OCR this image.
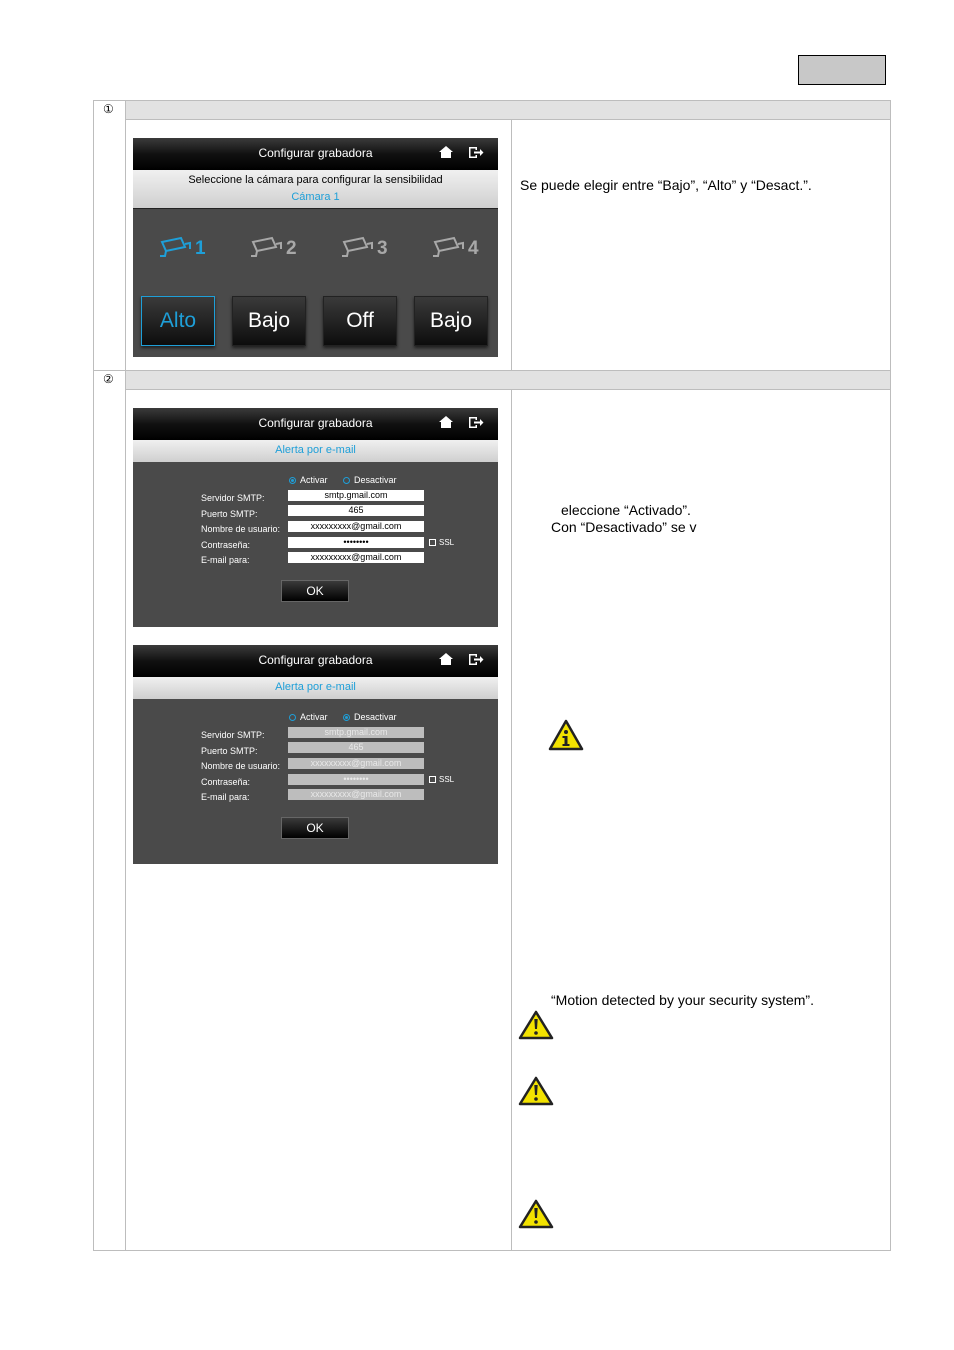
①
②
Configurar grabadora
Seleccione la cámara para configurar la sensibilidad
Cámara 1
1	2	3	4
Alto	Bajo	Off	Bajo
Se puede elegir entre “Bajo”, “Alto” y “Desact.”.
Configurar grabadora
Alerta por e-mail
Activar	Desactivar
Servidor SMTP:	smtp.gmail.com
Puerto SMTP:	465
Nombre de usuario:	xxxxxxxxx@gmail.com
Contraseña:	••••••••	SSL
E-mail para:	xxxxxxxxx@gmail.com
OK
eleccione “Activado”.
Con “Desactivado” se v
Configurar grabadora
Alerta por e-mail
Activar	Desactivar
Servidor SMTP:	smtp.gmail.com
Puerto SMTP:	465
Nombre de usuario:	xxxxxxxxx@gmail.com
Contraseña:	••••••••	SSL
E-mail para:	xxxxxxxxx@gmail.com
OK
“Motion detected by your security system”.
